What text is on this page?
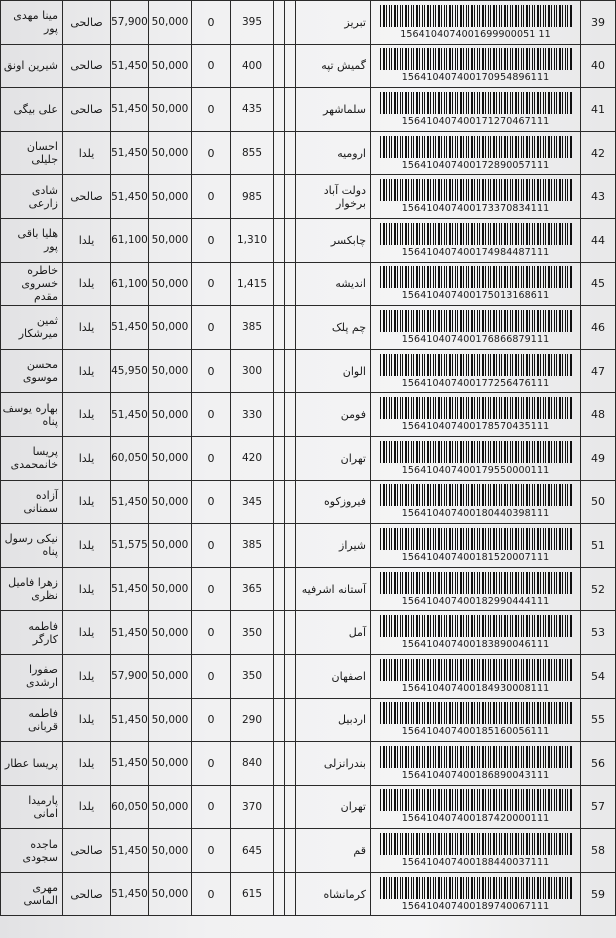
مینا مهدی پور	صالحی	57,900	50,000	0	395			تبریز	1564104074001699900051 11	39
شیرین اونق	صالحی	51,450	50,000	0	400			گمیش تپه	156410407400170954896111	40
علی بیگی	صالحی	51,450	50,000	0	435			سلماشهر	156410407400171270467111	41
احسان جلیلی	یلدا	51,450	50,000	0	855			ارومیه	156410407400172890057111	42
شادی زارعی	صالحی	51,450	50,000	0	985			دولت آباد برخوار	156410407400173370834111	43
هلیا باقی پور	یلدا	61,100	50,000	0	1,310			چابکسر	156410407400174984487111	44
خاطره خسروی مقدم	یلدا	61,100	50,000	0	1,415			اندیشه	156410407400175013168611	45
ثمین میرشکار	یلدا	51,450	50,000	0	385			چم پلک	156410407400176866879111	46
محسن موسوی	یلدا	45,950	50,000	0	300			الوان	156410407400177256476111	47
بهاره یوسف پناه	یلدا	51,450	50,000	0	330			فومن	156410407400178570435111	48
پریسا خانمحمدی	یلدا	60,050	50,000	0	420			تهران	156410407400179550000111	49
آزاده سمنانی	یلدا	51,450	50,000	0	345			فیروزکوه	156410407400180440398111	50
نیکی رسول پناه	یلدا	51,575	50,000	0	385			شیراز	156410407400181520007111	51
زهرا فامیل نظری	یلدا	51,450	50,000	0	365			آستانه اشرفیه	156410407400182990444111	52
فاطمه کارگر	یلدا	51,450	50,000	0	350			آمل	156410407400183890046111	53
صفورا ارشدی	یلدا	57,900	50,000	0	350			اصفهان	156410407400184930008111	54
فاطمه قربانی	یلدا	51,450	50,000	0	290			اردبیل	156410407400185160056111	55
پریسا عطار	یلدا	51,450	50,000	0	840			بندرانزلی	156410407400186890043111	56
پارمیدا امانی	یلدا	60,050	50,000	0	370			تهران	156410407400187420000111	57
ماجده سجودی	صالحی	51,450	50,000	0	645			قم	156410407400188440037111	58
مهری الماسی	صالحی	51,450	50,000	0	615			کرمانشاه	156410407400189740067111	59
